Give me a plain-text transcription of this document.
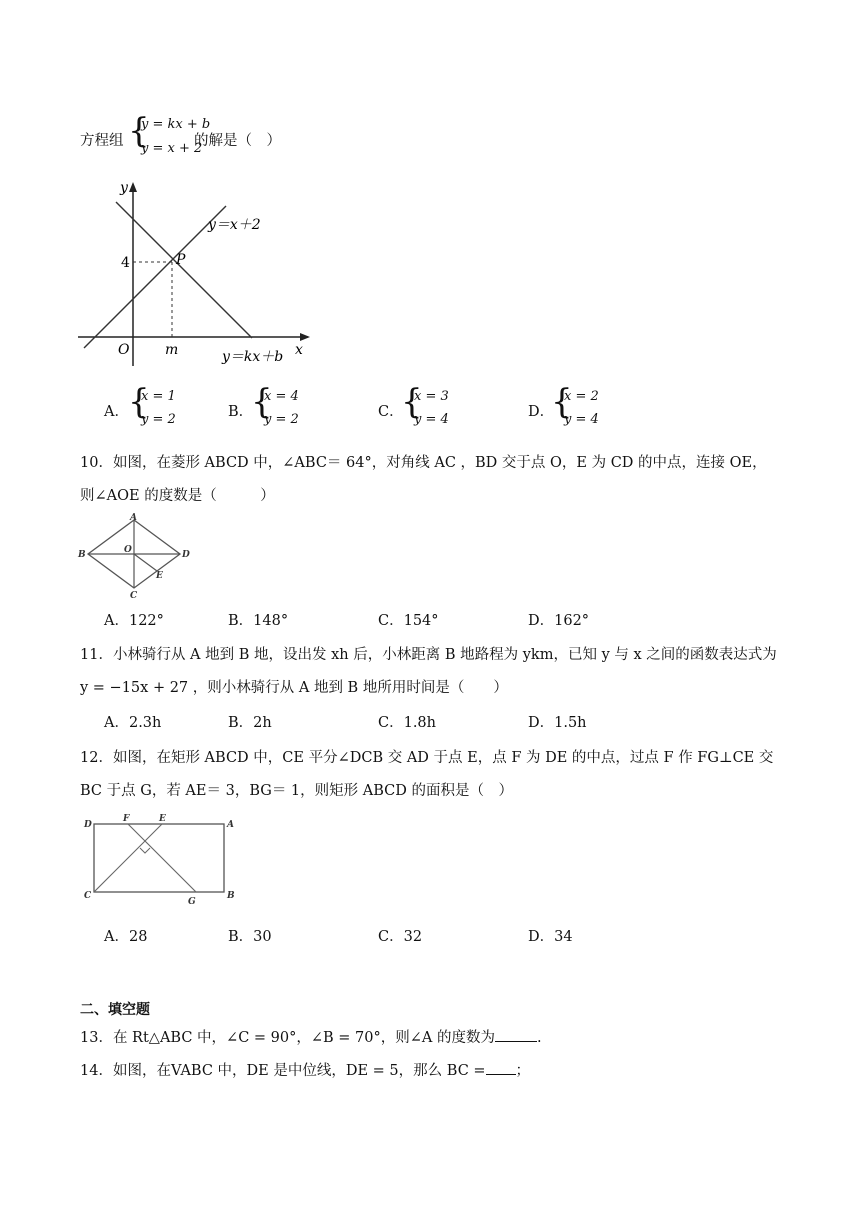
方程组 {
y = kx + b
y = x + 2
的解是（　）
y
x
O	m
4	P
y＝x＋2
y＝kx＋b
A． {
x = 1
y = 2	B．
{
x = 4
y = 2	C．
{
x = 3
y = 4	D．
{
x = 2
y = 4
10．如图，在菱形 ABCD 中，∠ABC＝ 64°，对角线 AC ，BD 交于点 O，E 为 CD 的中点，连接 OE，
则∠AOE 的度数是（　　　）
A
B
C
D
O
E
A．122°	B．148°	C．154°	D．162°
11．小林骑行从 A 地到 B 地，设出发 xh 后，小林距离 B 地路程为 ykm，已知 y 与 x 之间的函数表达式为
y = −15x + 27 ，则小林骑行从 A 地到 B 地所用时间是（　　）
A．2.3h	B．2h	C．1.8h	D．1.5h
12．如图，在矩形 ABCD 中，CE 平分∠DCB 交 AD 于点 E，点 F 为 DE 的中点，过点 F 作 FG⊥CE 交
BC 于点 G，若 AE＝ 3，BG＝ 1，则矩形 ABCD 的面积是（　）
D
F	E
A
C
G
B
A．28	B．30	C．32	D．34
二、填空题
13．在 Rt△ABC 中，∠C = 90°，∠B = 70°，则∠A 的度数为	.
14．如图，在VABC 中，DE 是中位线，DE = 5，那么 BC = ；
